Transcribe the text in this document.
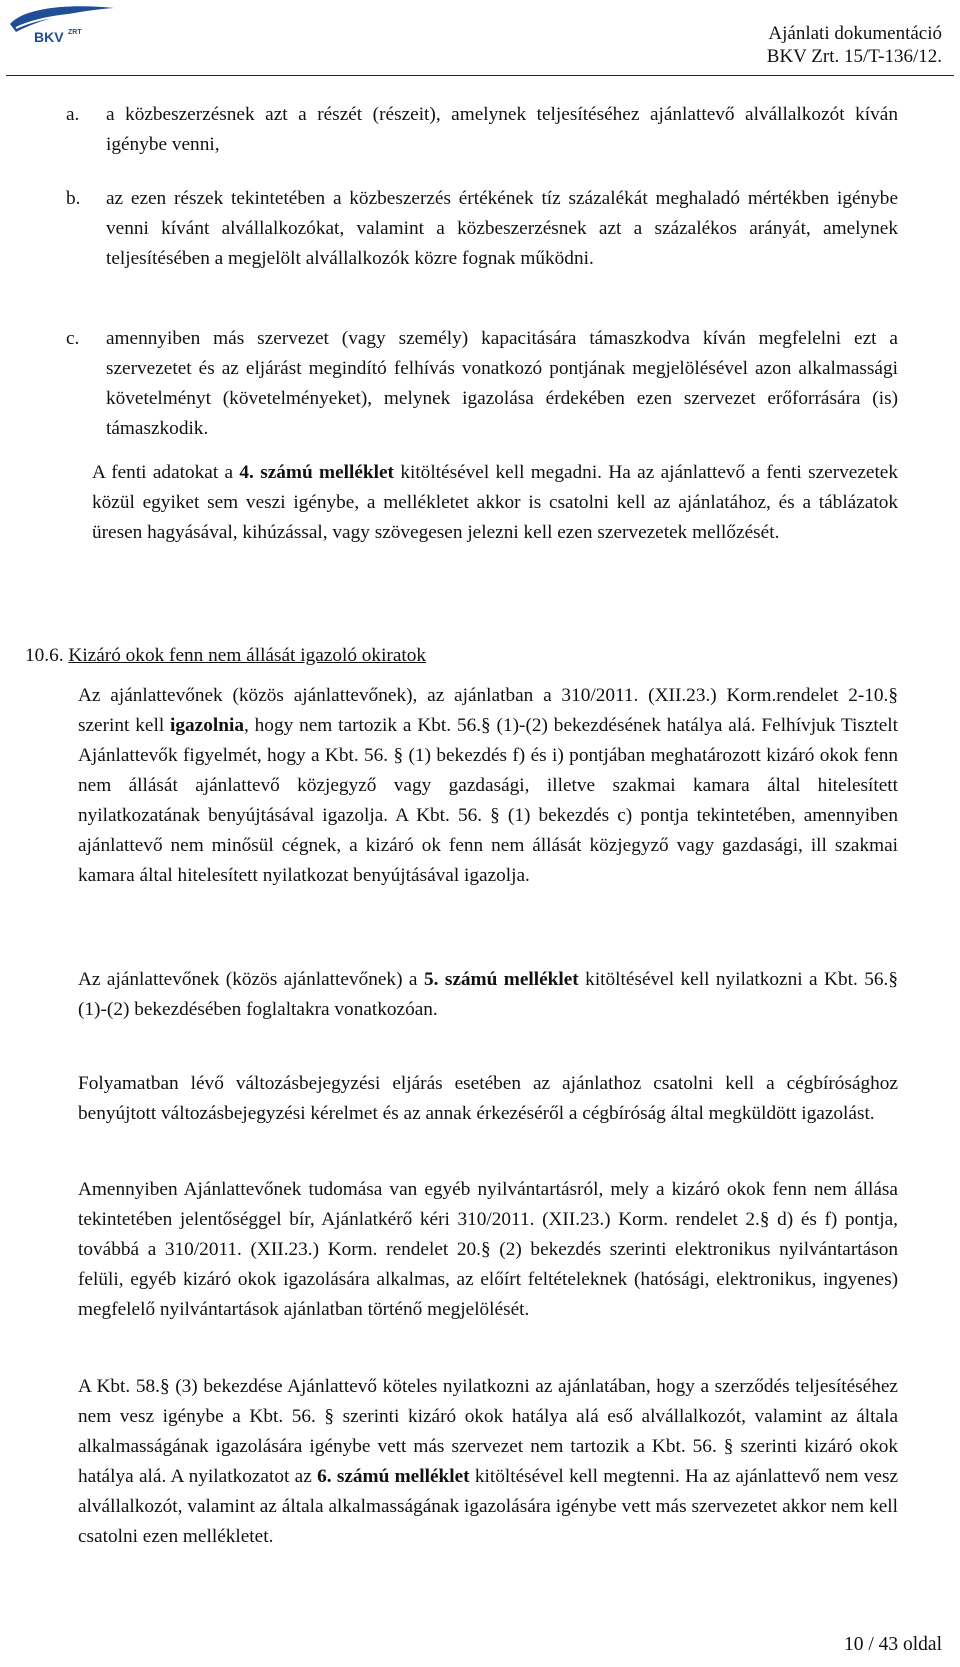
BKV ZRT	Ajánlati dokumentáció
BKV Zrt. 15/T-136/12.
a. a közbeszerzésnek azt a részét (részeit), amelynek teljesítéséhez ajánlattevő alvállalkozót kíván igénybe venni,

b. az ezen részek tekintetében a közbeszerzés értékének tíz százalékát meghaladó mértékben igénybe venni kívánt alvállalkozókat, valamint a közbeszerzésnek azt a százalékos arányát, amelynek teljesítésében a megjelölt alvállalkozók közre fognak működni.

c. amennyiben más szervezet (vagy személy) kapacitására támaszkodva kíván megfelelni ezt a szervezetet és az eljárást megindító felhívás vonatkozó pontjának megjelölésével azon alkalmassági követelményt (követelményeket), melynek igazolása érdekében ezen szervezet erőforrására (is) támaszkodik.

A fenti adatokat a 4. számú melléklet kitöltésével kell megadni. Ha az ajánlattevő a fenti szervezetek közül egyiket sem veszi igénybe, a mellékletet akkor is csatolni kell az ajánlatához, és a táblázatok üresen hagyásával, kihúzással, vagy szövegesen jelezni kell ezen szervezetek mellőzését.

10.6. Kizáró okok fenn nem állását igazoló okiratok

Az ajánlattevőnek (közös ajánlattevőnek), az ajánlatban a 310/2011. (XII.23.) Korm.rendelet 2-10.§ szerint kell igazolnia, hogy nem tartozik a Kbt. 56.§ (1)-(2) bekezdésének hatálya alá. Felhívjuk Tisztelt Ajánlattevők figyelmét, hogy a Kbt. 56. § (1) bekezdés f) és i) pontjában meghatározott kizáró okok fenn nem állását ajánlattevő közjegyző vagy gazdasági, illetve szakmai kamara által hitelesített nyilatkozatának benyújtásával igazolja. A Kbt. 56. § (1) bekezdés c) pontja tekintetében, amennyiben ajánlattevő nem minősül cégnek, a kizáró ok fenn nem állását közjegyző vagy gazdasági, ill szakmai kamara által hitelesített nyilatkozat benyújtásával igazolja.

Az ajánlattevőnek (közös ajánlattevőnek) a 5. számú melléklet kitöltésével kell nyilatkozni a Kbt. 56.§ (1)-(2) bekezdésében foglaltakra vonatkozóan.

Folyamatban lévő változásbejegyzési eljárás esetében az ajánlathoz csatolni kell a cégbírósághoz benyújtott változásbejegyzési kérelmet és az annak érkezéséről a cégbíróság által megküldött igazolást.

Amennyiben Ajánlattevőnek tudomása van egyéb nyilvántartásról, mely a kizáró okok fenn nem állása tekintetében jelentőséggel bír, Ajánlatkérő kéri 310/2011. (XII.23.) Korm. rendelet 2.§ d) és f) pontja, továbbá a 310/2011. (XII.23.) Korm. rendelet 20.§ (2) bekezdés szerinti elektronikus nyilvántartáson felüli, egyéb kizáró okok igazolására alkalmas, az előírt feltételeknek (hatósági, elektronikus, ingyenes) megfelelő nyilvántartások ajánlatban történő megjelölését.

A Kbt. 58.§ (3) bekezdése Ajánlattevő köteles nyilatkozni az ajánlatában, hogy a szerződés teljesítéséhez nem vesz igénybe a Kbt. 56. § szerinti kizáró okok hatálya alá eső alvállalkozót, valamint az általa alkalmasságának igazolására igénybe vett más szervezet nem tartozik a Kbt. 56. § szerinti kizáró okok hatálya alá. A nyilatkozatot az 6. számú melléklet kitöltésével kell megtenni. Ha az ajánlattevő nem vesz alvállalkozót, valamint az általa alkalmasságának igazolására igénybe vett más szervezetet akkor nem kell csatolni ezen mellékletet.

10 / 43 oldal
